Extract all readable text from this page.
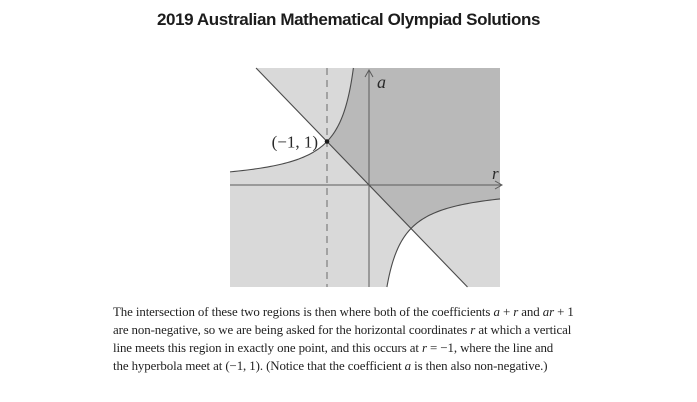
2019 Australian Mathematical Olympiad Solutions
(−1, 1)
a
r
The intersection of these two regions is then where both of the coefficients a + r and ar + 1
are non-negative, so we are being asked for the horizontal coordinates r at which a vertical
line meets this region in exactly one point, and this occurs at r = −1, where the line and
the hyperbola meet at (−1, 1). (Notice that the coefficient a is then also non-negative.)
